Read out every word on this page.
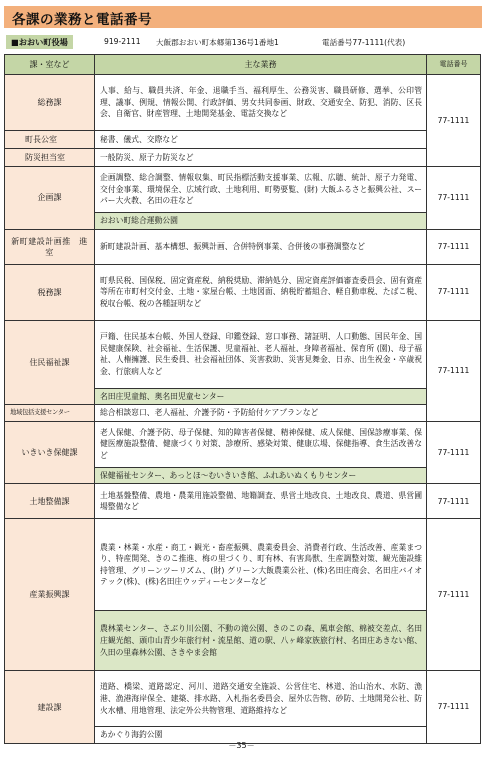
各課の業務と電話番号
■おおい町役場	919-2111 大飯郡おおい町本郷第136号1番地1	電話番号77-1111(代表)
課・室など	主な業務	電話番号
総務課	人事、給与、職員共済、年金、退職手当、福利厚生、公務災害、職員研修、選挙、公印管理、議事、例規、情報公開、行政評価、男女共同参画、財政、交通安全、防犯、消防、区長会、自衛官、財産管理、土地開発基金、電話交換など	77-1111
町長公室	秘書、儀式、交際など	
防災担当室	一般防災、原子力防災など	
企画課	企画調整、総合調整、情報収集、町民指標活動支援事業、広報、広聴、統計、原子力発電、交付金事業、環境保全、広域行政、土地利用、町勢要覧、(財) 大飯ふるさと振興公社、スーパー大火教、名田の荘など	77-1111
	おおい町総合運動公園	
新町建設計画推　進　室	新町建設計画、基本構想、振興計画、合併特例事業、合併後の事務調整など	77-1111
税務課	町県民税、国保税、固定資産税、納税奨励、滞納処分、固定資産評価審査委員会、固有資産等所在市町村交付金、土地・家屋台帳、土地図面、納税貯蓄組合、軽自動車税、たばこ税、税収台帳、税の各種証明など	77-1111
住民福祉課	戸籍、住民基本台帳、外国人登録、印鑑登録、窓口事務、諸証明、人口動態、国民年金、国民健康保険、社会福祉、生活保護、児童福祉、老人福祉、身障者福祉、保育所 (園)、母子福祉、人権擁護、民生委員、社会福祉団体、災害救助、災害見舞金、日赤、出生祝金・卒歳祝金、行旅病人など	77-1111
	名田庄児童館、奥名田児童センター	
地域包括支援センター	総合相談窓口、老人福祉、介護予防・予防給付ケアプランなど	
いきいき保健課	老人保健、介護予防、母子保健、知的障害者保健、精神保健、成人保健、国保診療事業、保健医療施設整備、健康づくり対策、診療所、感染対策、健康広場、保健指導、食生活改善など	77-1111
	保健福祉センター、あっとほ〜むいきいき館、ふれあいぬくもりセンター	
土地整備課	土地基盤整備、農地・農業用施設整備、地籍調査、県営土地改良、土地改良、農道、県営圃場整備など	77-1111
産業振興課	農業・林業・水産・商工・観光・畜産振興、農業委員会、消費者行政、生活改善、産業まつり、特産開発、きのこ推進、梅の里づくり、町有林、有害鳥獣、生産調整対策、観光施設維持管理、グリーンツーリズム、(財) グリーン大飯農業公社、(株)名田庄商会、名田庄バイオテック(株)、(株)名田庄ウッディーセンターなど	77-1111
	農林業センター、さぶり川公園、不動の滝公園、きのこの森、風車会館、棉被交差点、名田庄観光館、頭巾山青少年旅行村・流星館、道の駅、八ヶ峰家族旅行村、名田庄あきない館、久田の里森林公園、さきやま会館	
建設課	道路、橋梁、道路認定、河川、道路交通安全施設、公営住宅、林道、治山治水、水防、漁港、漁港海岸保全、建築、排水路、入札指名委員会、屋外広告物、砂防、土地開発公社、防火水槽、用地管理、法定外公共物管理、道路維持など	77-1111
	あかぐり海釣公園	
－35－
